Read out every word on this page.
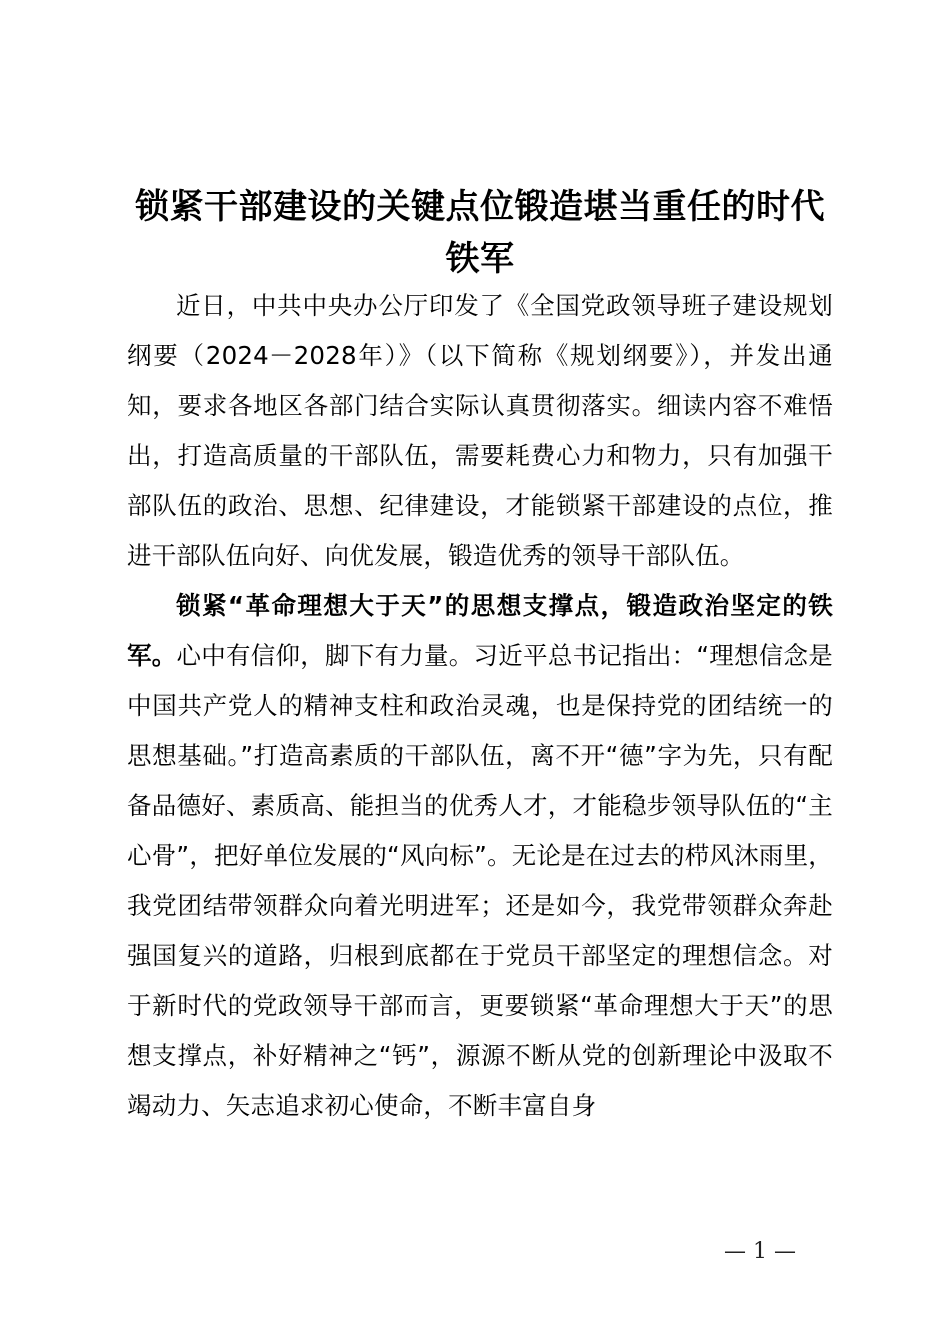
锁紧干部建设的关键点位锻造堪当重任的时代铁军

近日，中共中央办公厅印发了《全国党政领导班子建设规划纲要（2024－2028年）》（以下简称《规划纲要》），并发出通知，要求各地区各部门结合实际认真贯彻落实。细读内容不难悟出，打造高质量的干部队伍，需要耗费心力和物力，只有加强干部队伍的政治、思想、纪律建设，才能锁紧干部建设的点位，推进干部队伍向好、向优发展，锻造优秀的领导干部队伍。

锁紧“革命理想大于天”的思想支撑点，锻造政治坚定的铁军。心中有信仰，脚下有力量。习近平总书记指出：“理想信念是中国共产党人的精神支柱和政治灵魂，也是保持党的团结统一的思想基础。”打造高素质的干部队伍，离不开“德”字为先，只有配备品德好、素质高、能担当的优秀人才，才能稳步领导队伍的“主心骨”，把好单位发展的“风向标”。无论是在过去的栉风沐雨里，我党团结带领群众向着光明进军；还是如今，我党带领群众奔赴强国复兴的道路，归根到底都在于党员干部坚定的理想信念。对于新时代的党政领导干部而言，更要锁紧“革命理想大于天”的思想支撑点，补好精神之“钙”，源源不断从党的创新理论中汲取不竭动力、矢志追求初心使命，不断丰富自身

— 1 —
